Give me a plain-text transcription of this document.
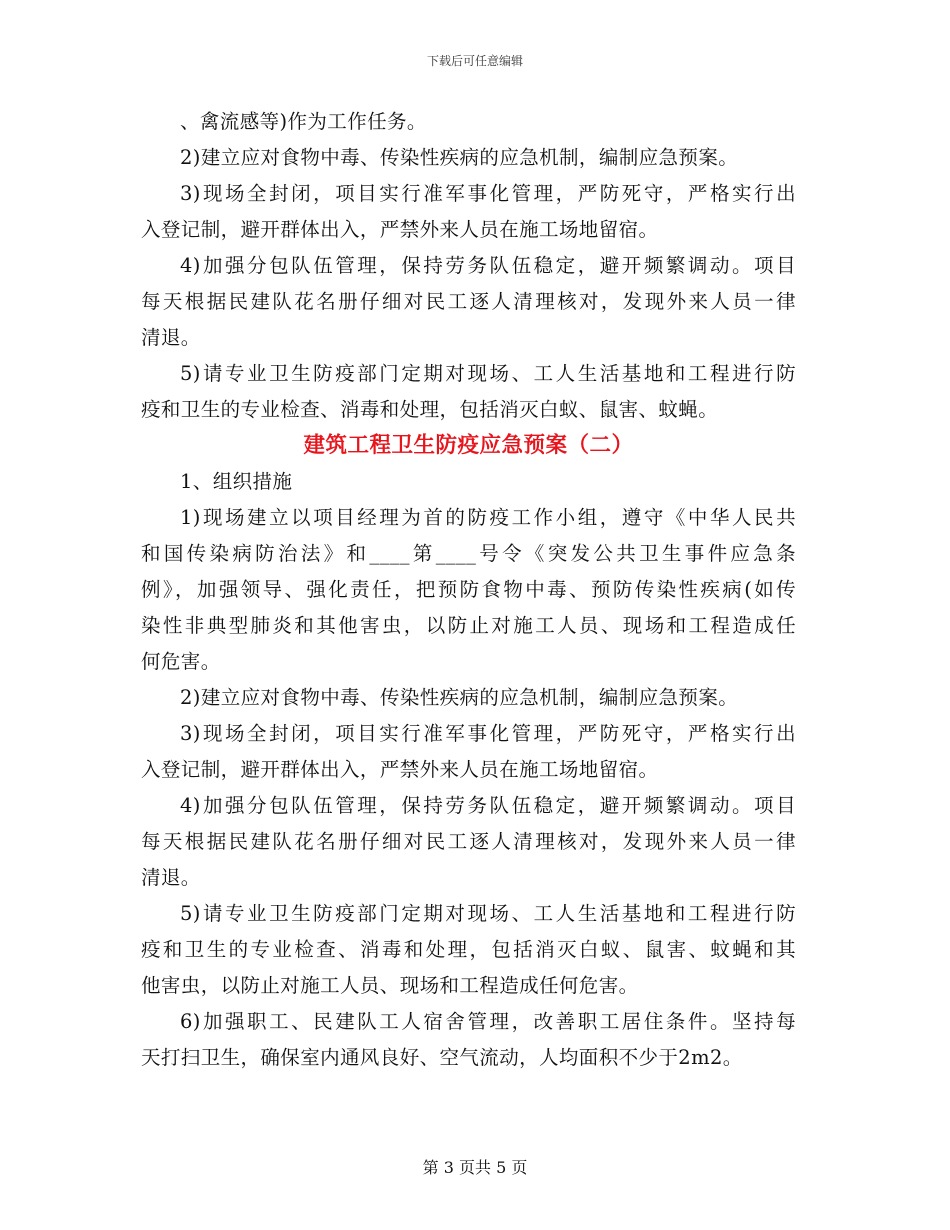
下载后可任意编辑
、禽流感等)作为工作任务。
2)建立应对食物中毒、传染性疾病的应急机制，编制应急预案。
3)现场全封闭，项目实行准军事化管理，严防死守，严格实行出
入登记制，避开群体出入，严禁外来人员在施工场地留宿。
4)加强分包队伍管理，保持劳务队伍稳定，避开频繁调动。项目
每天根据民建队花名册仔细对民工逐人清理核对，发现外来人员一律
清退。
5)请专业卫生防疫部门定期对现场、工人生活基地和工程进行防
疫和卫生的专业检查、消毒和处理，包括消灭白蚁、鼠害、蚊蝇。
建筑工程卫生防疫应急预案（二）
1、组织措施
1)现场建立以项目经理为首的防疫工作小组，遵守《中华人民共
和国传染病防治法》和____第____号令《突发公共卫生事件应急条
例》，加强领导、强化责任，把预防食物中毒、预防传染性疾病(如传
染性非典型肺炎和其他害虫，以防止对施工人员、现场和工程造成任
何危害。
2)建立应对食物中毒、传染性疾病的应急机制，编制应急预案。
3)现场全封闭，项目实行准军事化管理，严防死守，严格实行出
入登记制，避开群体出入，严禁外来人员在施工场地留宿。
4)加强分包队伍管理，保持劳务队伍稳定，避开频繁调动。项目
每天根据民建队花名册仔细对民工逐人清理核对，发现外来人员一律
清退。
5)请专业卫生防疫部门定期对现场、工人生活基地和工程进行防
疫和卫生的专业检查、消毒和处理，包括消灭白蚁、鼠害、蚊蝇和其
他害虫，以防止对施工人员、现场和工程造成任何危害。
6)加强职工、民建队工人宿舍管理，改善职工居住条件。坚持每
天打扫卫生，确保室内通风良好、空气流动，人均面积不少于2m2。
第 3 页共 5 页
